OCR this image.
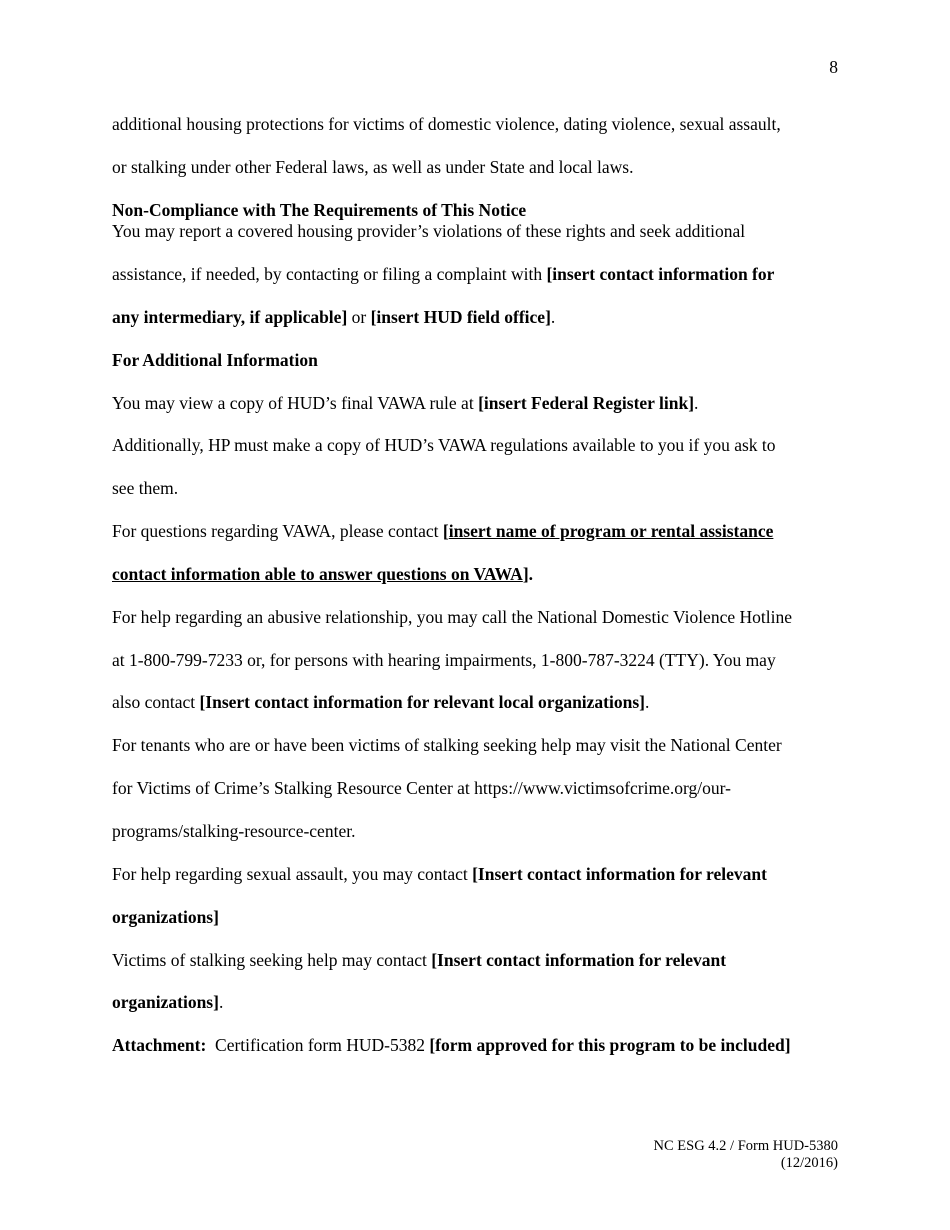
8
additional housing protections for victims of domestic violence, dating violence, sexual assault,
or stalking under other Federal laws, as well as under State and local laws.
Non-Compliance with The Requirements of This Notice
You may report a covered housing provider’s violations of these rights and seek additional
assistance, if needed, by contacting or filing a complaint with [insert contact information for
any intermediary, if applicable] or [insert HUD field office].
For Additional Information
You may view a copy of HUD’s final VAWA rule at [insert Federal Register link].
Additionally, HP must make a copy of HUD’s VAWA regulations available to you if you ask to
see them.
For questions regarding VAWA, please contact [insert name of program or rental assistance
contact information able to answer questions on VAWA].
For help regarding an abusive relationship, you may call the National Domestic Violence Hotline
at 1-800-799-7233 or, for persons with hearing impairments, 1-800-787-3224 (TTY). You may
also contact [Insert contact information for relevant local organizations].
For tenants who are or have been victims of stalking seeking help may visit the National Center
for Victims of Crime’s Stalking Resource Center at https://www.victimsofcrime.org/our-
programs/stalking-resource-center.
For help regarding sexual assault, you may contact [Insert contact information for relevant
organizations]
Victims of stalking seeking help may contact [Insert contact information for relevant
organizations].
Attachment:  Certification form HUD-5382 [form approved for this program to be included]
NC ESG 4.2 / Form HUD-5380
(12/2016)
